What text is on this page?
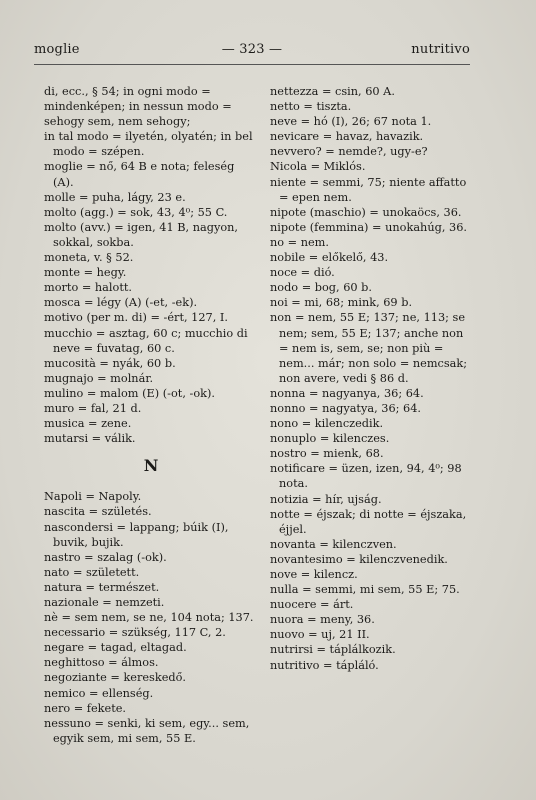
moglie	— 323 —	nutritivo

di, ecc., § 54; in ogni modo = mindenképen; in nessun modo = sehogy sem, nem sehogy;

in tal modo = ilyetén, olyatén; in bel modo = szépen.

moglie = nő, 64 B e nota; feleség (A).

molle = puha, lágy, 23 e.

molto (agg.) = sok, 43, 4⁰; 55 C.

molto (avv.) = igen, 41 B, nagyon, sokkal, sokba.

moneta, v. § 52.

monte = hegy.

morto = halott.

mosca = légy (A) (-et, -ek).

motivo (per m. di) = -ért, 127, I.

mucchio = asztag, 60 c; mucchio di neve = fuvatag, 60 c.

mucosità = nyák, 60 b.

mugnajo = molnár.

mulino = malom (E) (-ot, -ok).

muro = fal, 21 d.

musica = zene.

mutarsi = válik.

N

Napoli = Napoly.

nascita = születés.

nascondersi = lappang; búik (I), buvik, bujik.

nastro = szalag (-ok).

nato = született.

natura = természet.

nazionale = nemzeti.

nè = sem nem, se ne, 104 nota; 137.

necessario = szükség, 117 C, 2.

negare = tagad, eltagad.

neghittoso = álmos.

negoziante = kereskedő.

nemico = ellenség.

nero = fekete.

nessuno = senki, ki sem, egy... sem, egyik sem, mi sem, 55 E.

nettezza = csin, 60 A.

netto = tiszta.

neve = hó (I), 26; 67 nota 1.

nevicare = havaz, havazik.

nevvero? = nemde?, ugy-e?

Nicola = Miklós.

niente = semmi, 75; niente affatto = epen nem.

nipote (maschio) = unokaöcs, 36.

nipote (femmina) = unokahúg, 36.

no = nem.

nobile = előkelő, 43.

noce = dió.

nodo = bog, 60 b.

noi = mi, 68; mink, 69 b.

non = nem, 55 E; 137; ne, 113; se nem; sem, 55 E; 137; anche non = nem is, sem, se; non più = nem... már; non solo = nemcsak; non avere, vedi § 86 d.

nonna = nagyanya, 36; 64.

nonno = nagyatya, 36; 64.

nono = kilenczedik.

nonuplo = kilenczes.

nostro = mienk, 68.

notificare = üzen, izen, 94, 4⁰; 98 nota.

notizia = hír, ujság.

notte = éjszak; di notte = éjszaka, éjjel.

novanta = kilenczven.

novantesimo = kilenczvenedik.

nove = kilencz.

nulla = semmi, mi sem, 55 E; 75.

nuocere = árt.

nuora = meny, 36.

nuovo = uj, 21 II.

nutrirsi = táplálkozik.

nutritivo = tápláló.
